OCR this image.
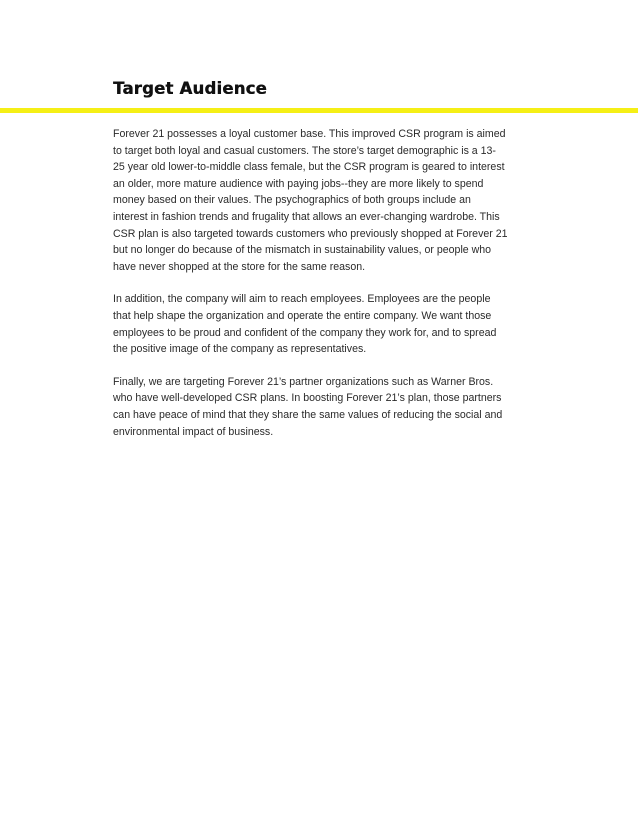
Target Audience

Forever 21 possesses a loyal customer base. This improved CSR program is aimed
to target both loyal and casual customers. The store’s target demographic is a 13-
25 year old lower-to-middle class female, but the CSR program is geared to interest
an older, more mature audience with paying jobs--they are more likely to spend
money based on their values. The psychographics of both groups include an
interest in fashion trends and frugality that allows an ever-changing wardrobe. This
CSR plan is also targeted towards customers who previously shopped at Forever 21
but no longer do because of the mismatch in sustainability values, or people who
have never shopped at the store for the same reason.

In addition, the company will aim to reach employees. Employees are the people
that help shape the organization and operate the entire company. We want those
employees to be proud and confident of the company they work for, and to spread
the positive image of the company as representatives.

Finally, we are targeting Forever 21’s partner organizations such as Warner Bros.
who have well-developed CSR plans. In boosting Forever 21’s plan, those partners
can have peace of mind that they share the same values of reducing the social and
environmental impact of business.
